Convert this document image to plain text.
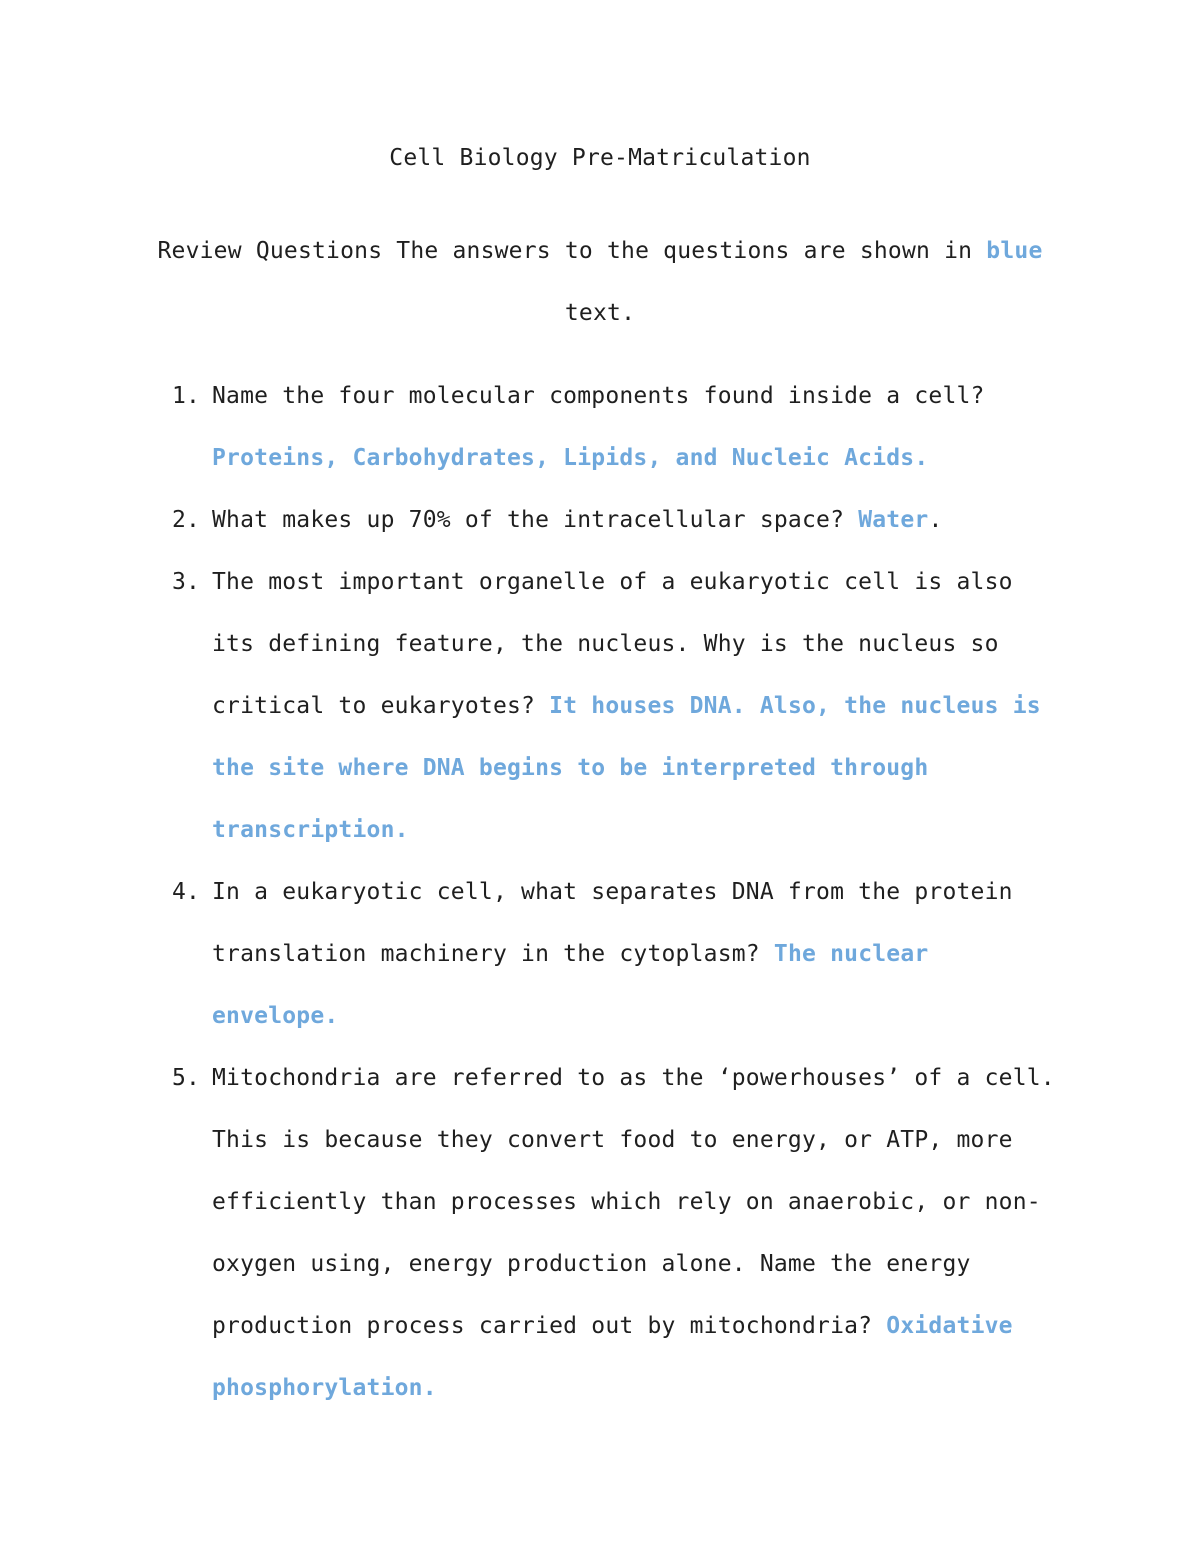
Cell Biology Pre-Matriculation
Review Questions The answers to the questions are shown in blue
text.
1. Name the four molecular components found inside a cell?
Proteins, Carbohydrates, Lipids, and Nucleic Acids.
2. What makes up 70% of the intracellular space? Water.
3. The most important organelle of a eukaryotic cell is also its defining feature, the nucleus. Why is the nucleus so critical to eukaryotes? It houses DNA. Also, the nucleus is the site where DNA begins to be interpreted through transcription.
4. In a eukaryotic cell, what separates DNA from the protein translation machinery in the cytoplasm? The nuclear envelope.
5. Mitochondria are referred to as the ‘powerhouses’ of a cell. This is because they convert food to energy, or ATP, more efficiently than processes which rely on anaerobic, or non-oxygen using, energy production alone. Name the energy production process carried out by mitochondria? Oxidative phosphorylation.
